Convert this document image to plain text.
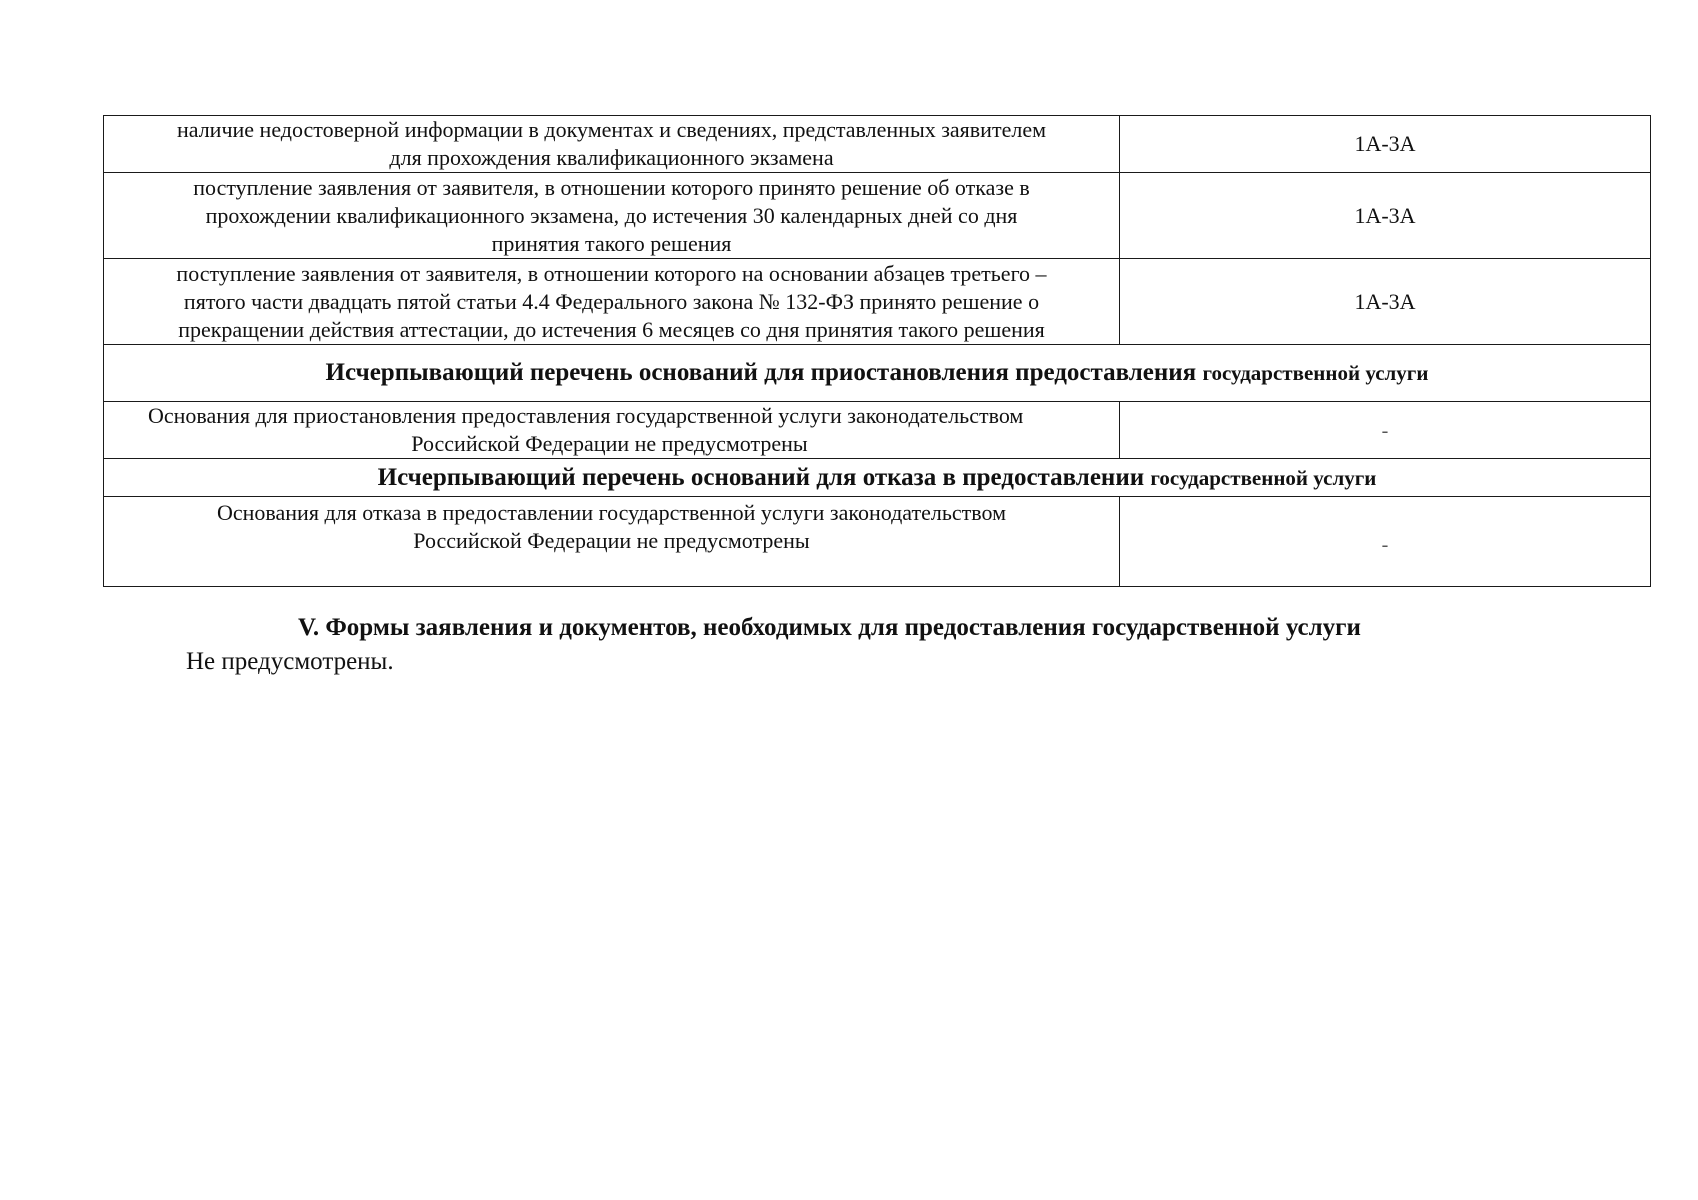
наличие недостоверной информации в документах и сведениях, представленных заявителем
для прохождения квалификационного экзамена	1А-3А

поступление заявления от заявителя, в отношении которого принято решение об отказе в
прохождении квалификационного экзамена, до истечения 30 календарных дней со дня
принятия такого решения	1А-3А

поступление заявления от заявителя, в отношении которого на основании абзацев третьего –
пятого части двадцать пятой статьи 4.4 Федерального закона № 132-ФЗ принято решение о
прекращении действия аттестации, до истечения 6 месяцев со дня принятия такого решения	1А-3А
Исчерпывающий перечень оснований для приостановления предоставления государственной услуги	
Основания для приостановления предоставления государственной услуги законодательством
Российской Федерации не предусмотрены	-
Исчерпывающий перечень оснований для отказа в предоставлении государственной услуги	

Основания для отказа в предоставлении государственной услуги законодательством
Российской Федерации не предусмотрены	-
V. Формы заявления и документов, необходимых для предоставления государственной услуги

Не предусмотрены.
